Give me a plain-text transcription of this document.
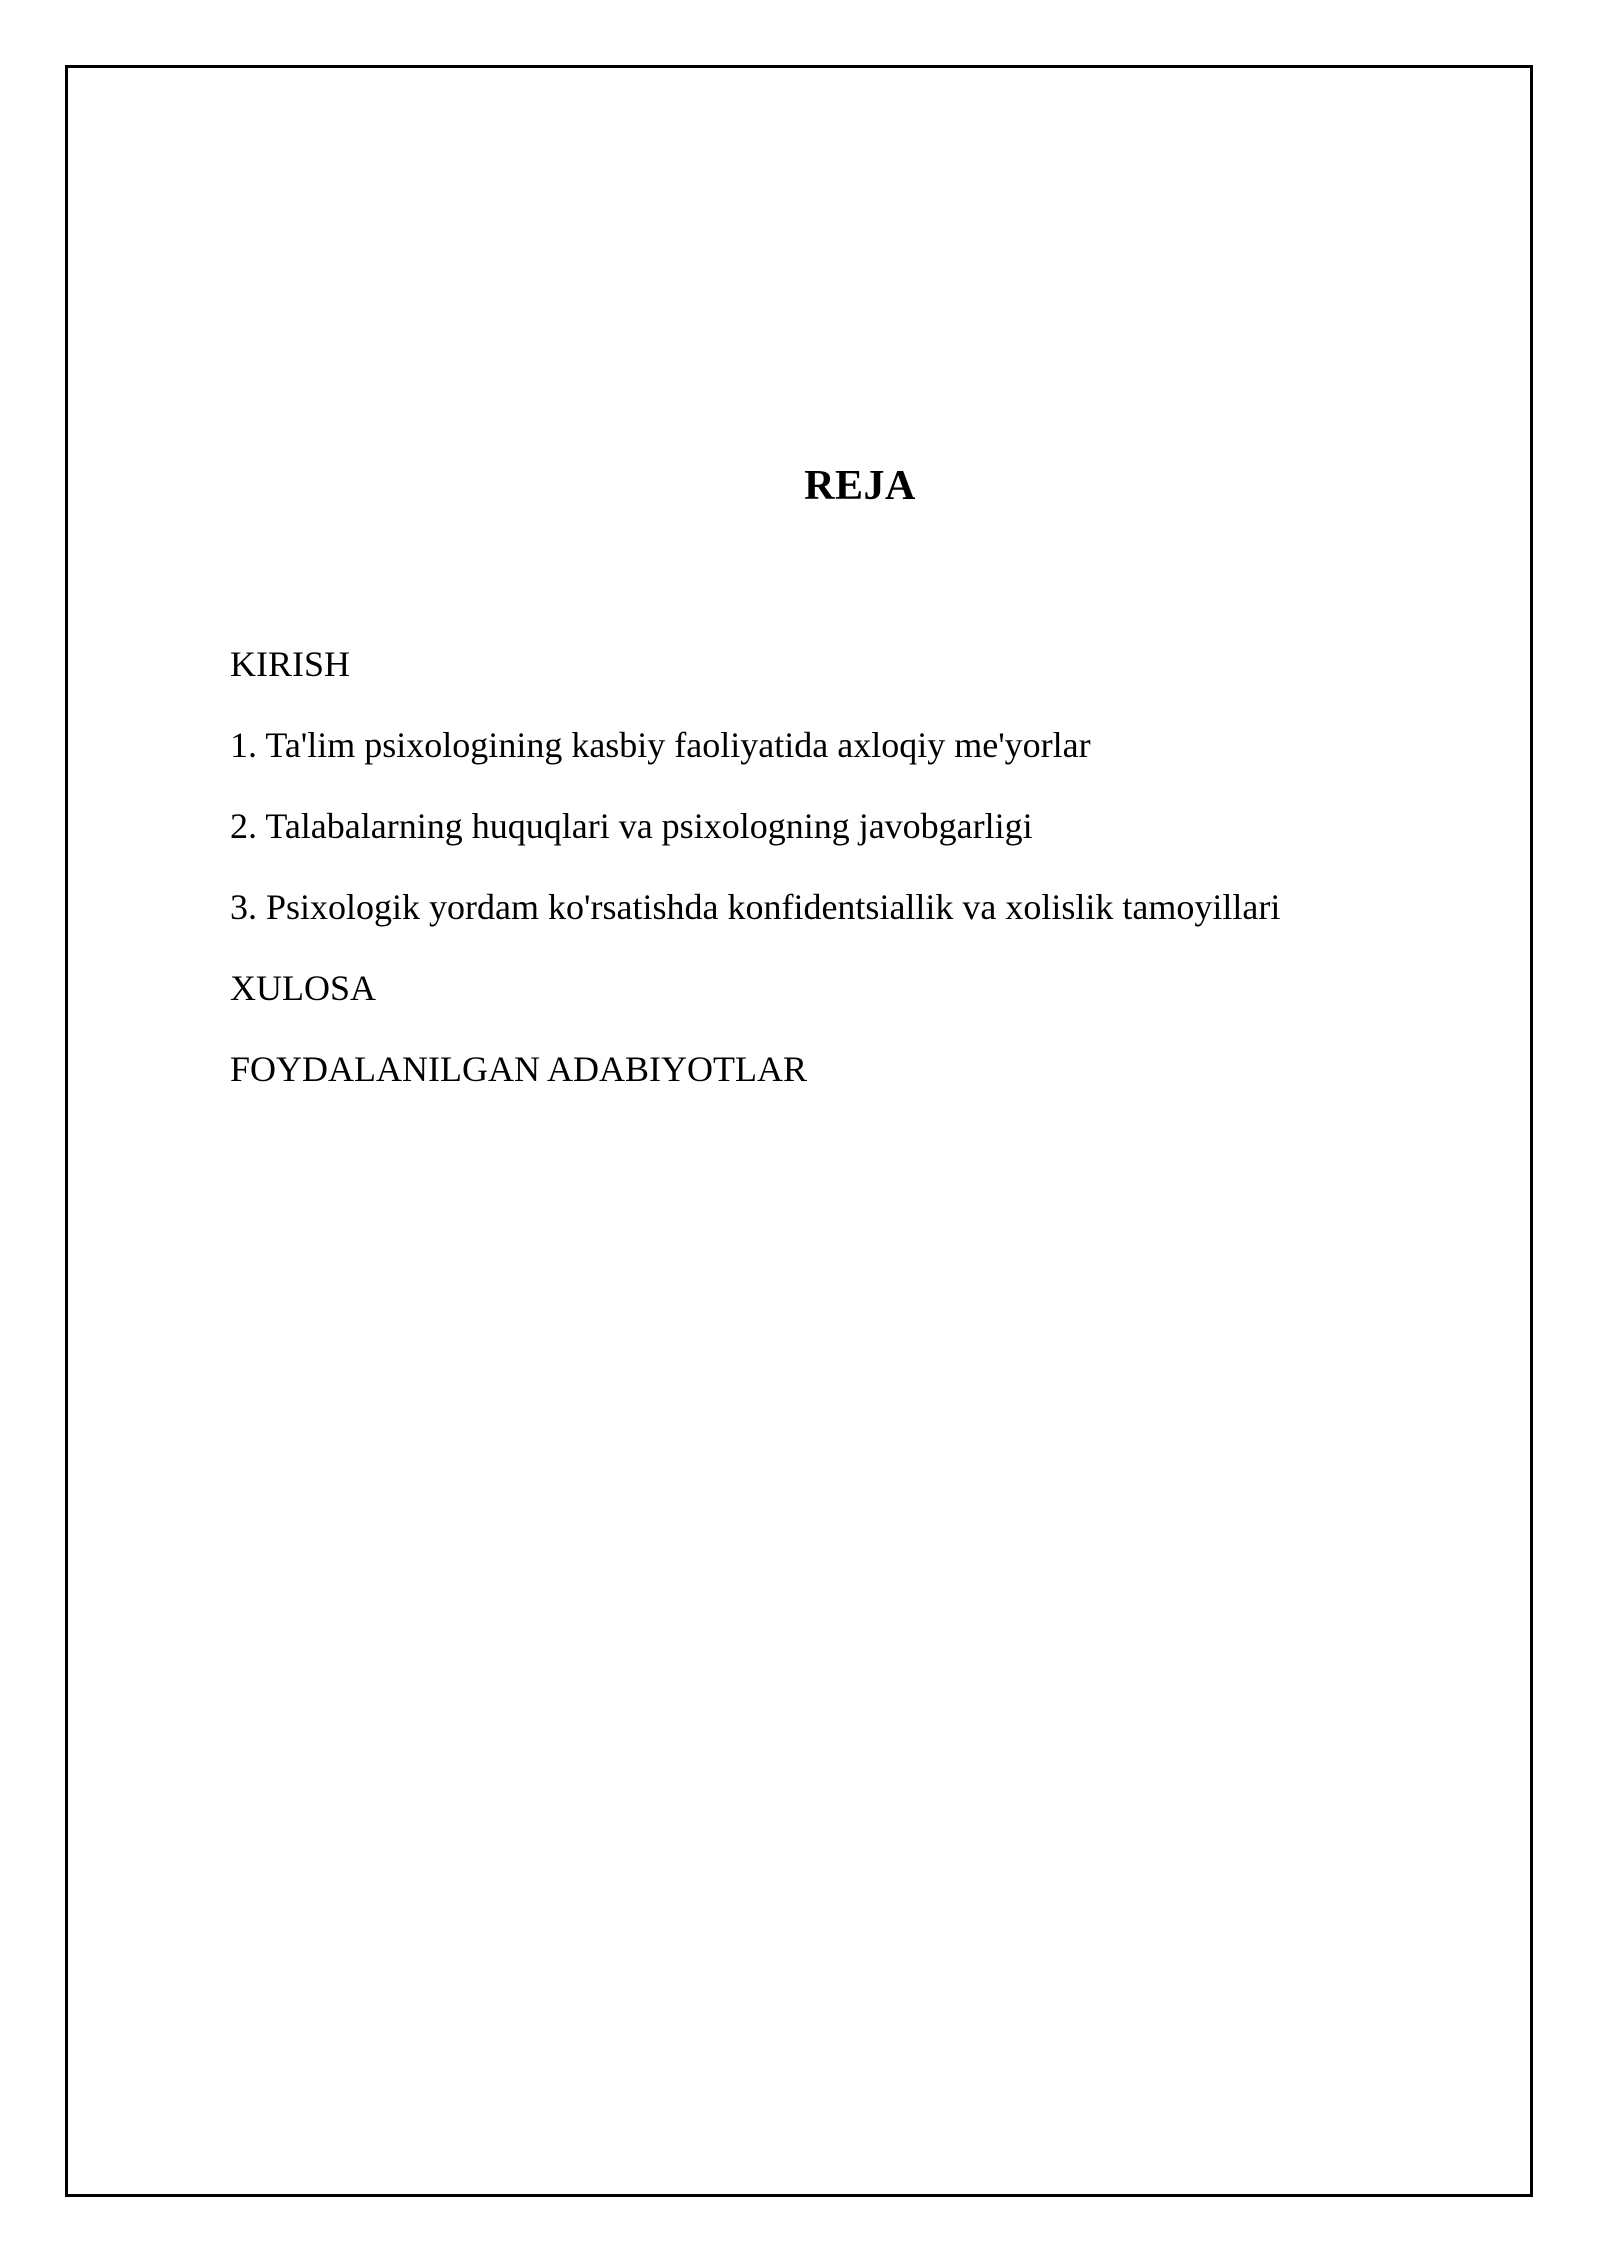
REJA
KIRISH
1. Ta'lim psixologining kasbiy faoliyatida axloqiy me'yorlar
2. Talabalarning huquqlari va psixologning javobgarligi
3. Psixologik yordam ko'rsatishda konfidentsiallik va xolislik tamoyillari
XULOSA
FOYDALANILGAN ADABIYOTLAR
